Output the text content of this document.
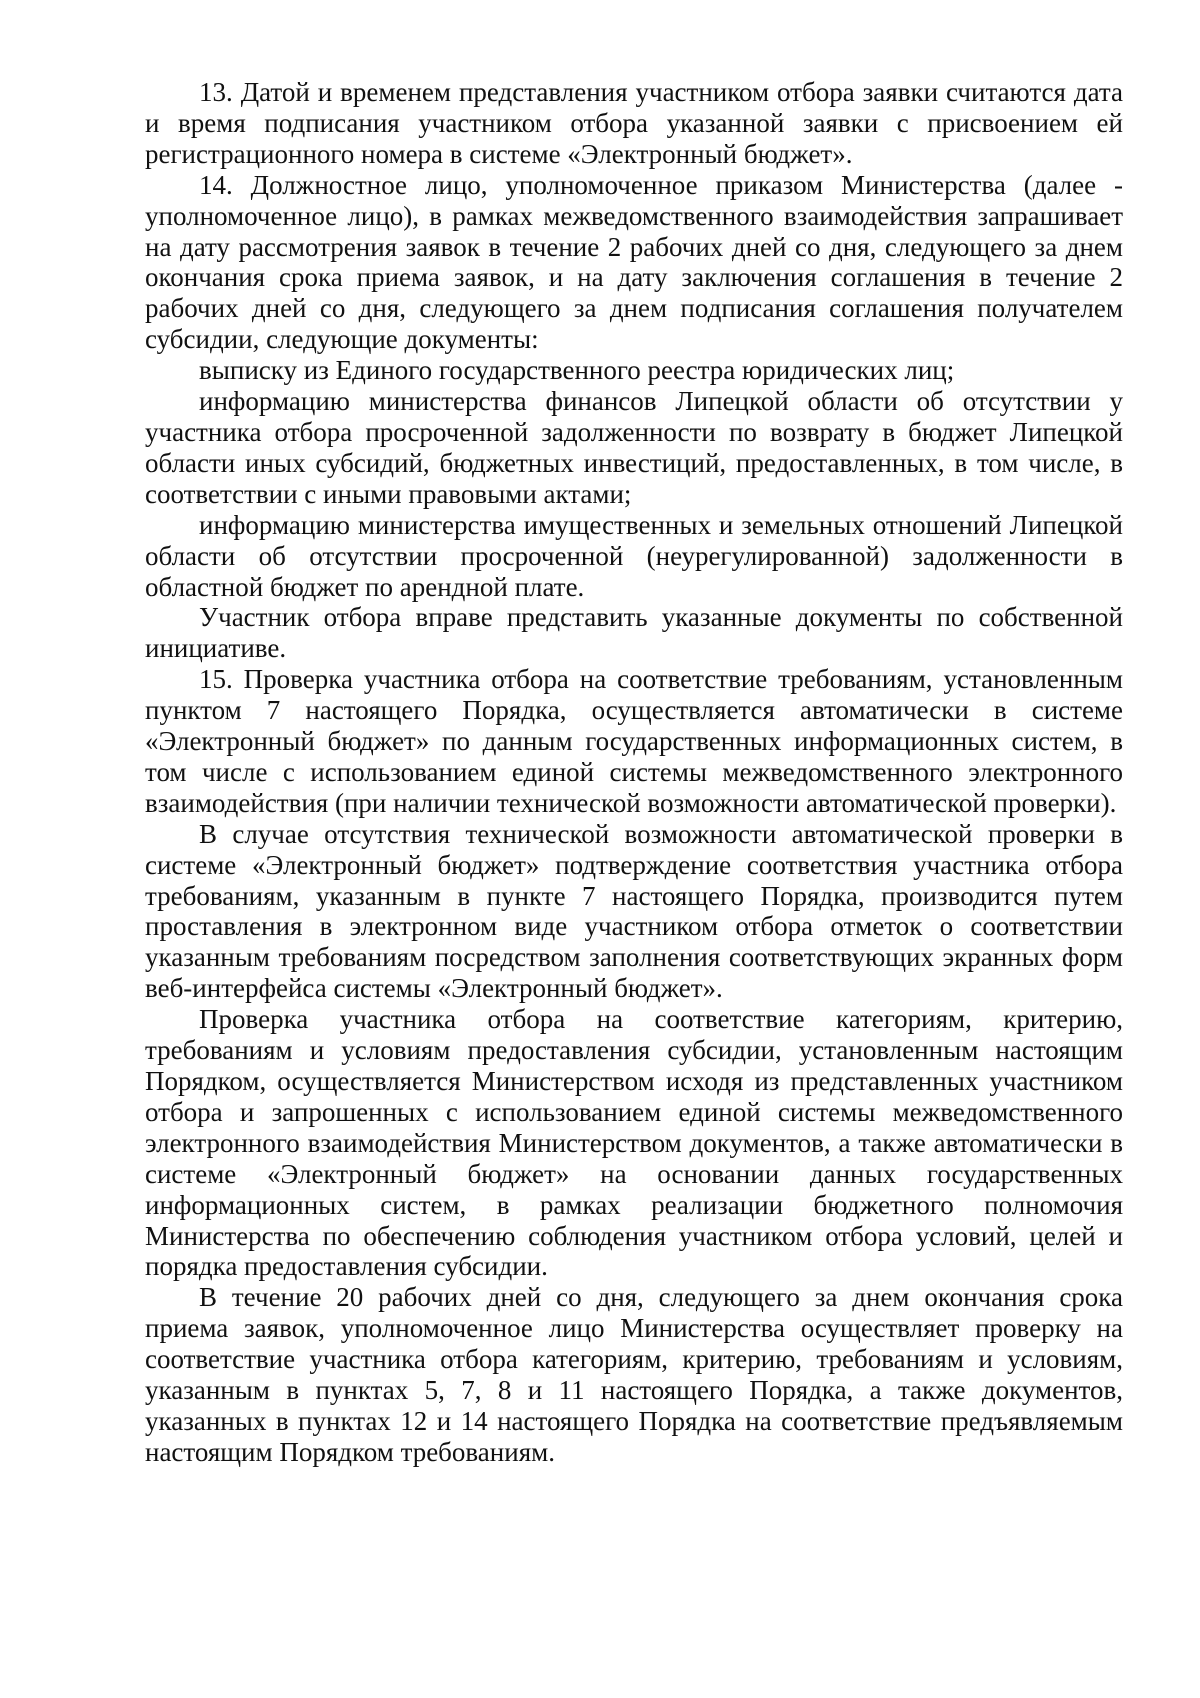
13. Датой и временем представления участником отбора заявки считаются дата и время подписания участником отбора указанной заявки с присвоением ей регистрационного номера в системе «Электронный бюджет».

14. Должностное лицо, уполномоченное приказом Министерства (далее - уполномоченное лицо), в рамках межведомственного взаимодействия запрашивает на дату рассмотрения заявок в течение 2 рабочих дней со дня, следующего за днем окончания срока приема заявок, и на дату заключения соглашения в течение 2 рабочих дней со дня, следующего за днем подписания соглашения получателем субсидии, следующие документы:

выписку из Единого государственного реестра юридических лиц;

информацию министерства финансов Липецкой области об отсутствии у участника отбора просроченной задолженности по возврату в бюджет Липецкой области иных субсидий, бюджетных инвестиций, предоставленных, в том числе, в соответствии с иными правовыми актами;

информацию министерства имущественных и земельных отношений Липецкой области об отсутствии просроченной (неурегулированной) задолженности в областной бюджет по арендной плате.

Участник отбора вправе представить указанные документы по собственной инициативе.

15. Проверка участника отбора на соответствие требованиям, установленным пунктом 7 настоящего Порядка, осуществляется автоматически в системе «Электронный бюджет» по данным государственных информационных систем, в том числе с использованием единой системы межведомственного электронного взаимодействия (при наличии технической возможности автоматической проверки).

В случае отсутствия технической возможности автоматической проверки в системе «Электронный бюджет» подтверждение соответствия участника отбора требованиям, указанным в пункте 7 настоящего Порядка, производится путем проставления в электронном виде участником отбора отметок о соответствии указанным требованиям посредством заполнения соответствующих экранных форм веб-интерфейса системы «Электронный бюджет».

Проверка участника отбора на соответствие категориям, критерию, требованиям и условиям предоставления субсидии, установленным настоящим Порядком, осуществляется Министерством исходя из представленных участником отбора и запрошенных с использованием единой системы межведомственного электронного взаимодействия Министерством документов, а также автоматически в системе «Электронный бюджет» на основании данных государственных информационных систем, в рамках реализации бюджетного полномочия Министерства по обеспечению соблюдения участником отбора условий, целей и порядка предоставления субсидии.

В течение 20 рабочих дней со дня, следующего за днем окончания срока приема заявок, уполномоченное лицо Министерства осуществляет проверку на соответствие участника отбора категориям, критерию, требованиям и условиям, указанным в пунктах 5, 7, 8 и 11 настоящего Порядка, а также документов, указанных в пунктах 12 и 14 настоящего Порядка на соответствие предъявляемым настоящим Порядком требованиям.
